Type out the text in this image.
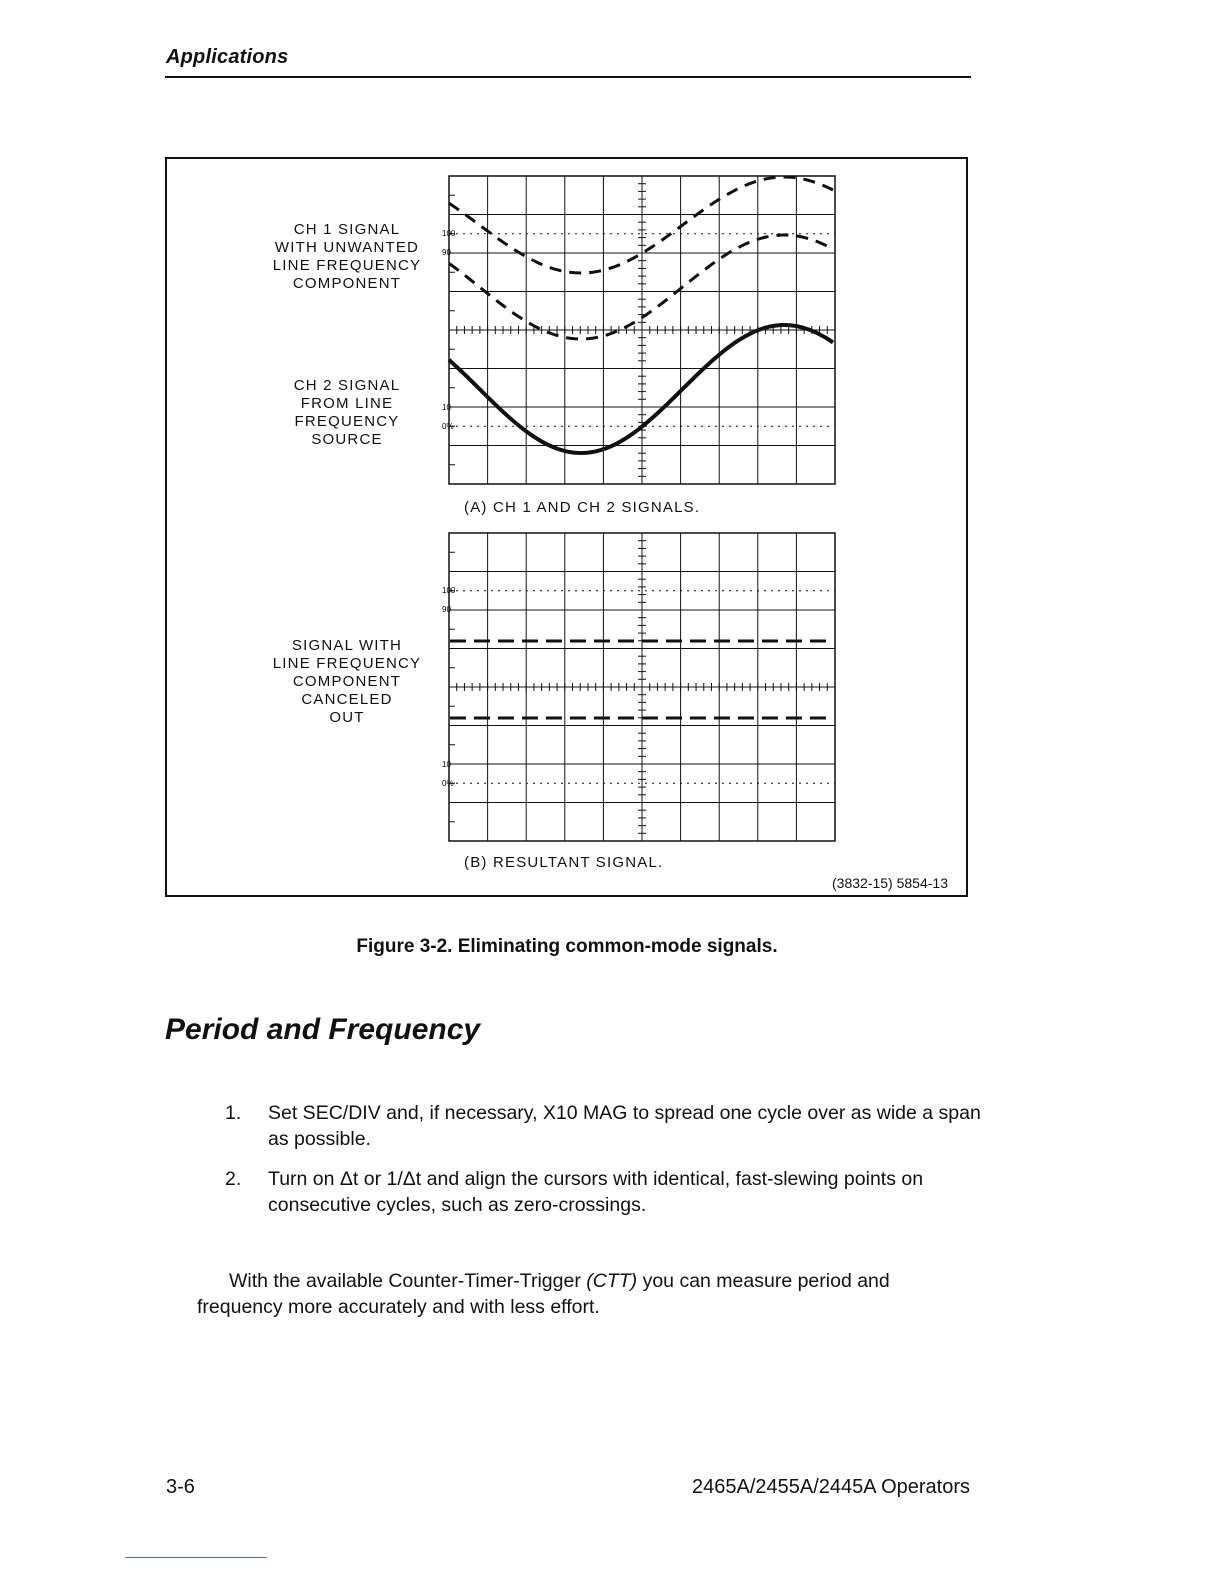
Applications
CH 1 SIGNAL
WITH UNWANTED
LINE FREQUENCY
COMPONENT
CH 2 SIGNAL
FROM LINE
FREQUENCY
SOURCE
SIGNAL WITH
LINE FREQUENCY
COMPONENT
CANCELED
OUT
100
90
10
0%
(A) CH 1 AND CH 2 SIGNALS.
100
90
10
0%
(B) RESULTANT SIGNAL.
(3832-15) 5854-13
Figure 3-2. Eliminating common-mode signals.
Period and Frequency
1. Set SEC/DIV and, if necessary, X10 MAG to spread one cycle over as wide a span as possible.
2. Turn on Δt or 1/Δt and align the cursors with identical, fast-slewing points on consecutive cycles, such as zero-crossings.
With the available Counter-Timer-Trigger (CTT) you can measure period and frequency more accurately and with less effort.
3-6	2465A/2455A/2445A Operators
